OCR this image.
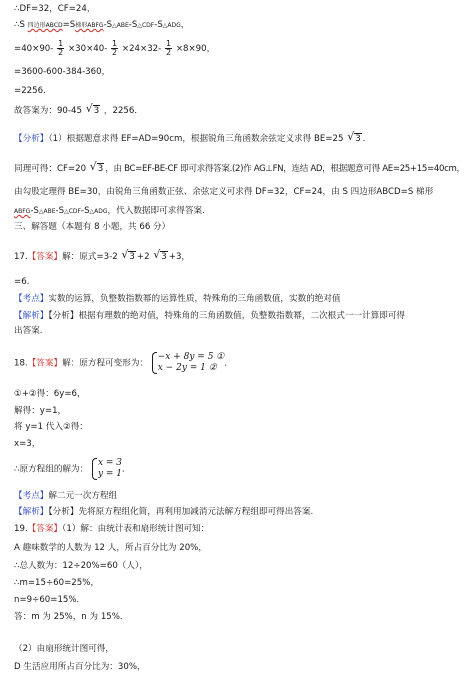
∴DF=32，CF=24，
∴S 四边形ABCD=S梯形ABFG-S△ABE-S△CDF-S△ADG，
$=40\times 90- \frac{1}{2} \times 30\times 40- \frac{1}{2} \times 24\times 32- \frac{1}{2} \times 8\times 90$，
=3600-600-384-360，
=2256．
故答案为：90-45 √ 3 ，2256．
【分析】（1）根据题意求得 EF=AD=90cm，根据锐角三角函数余弦定义求得 BE=25 √ 3 ．
同理可得：CF=20 √ 3 ，由 BC=EF-BE-CF 即可求得答案.(2)作 AG⊥FN，连结 AD，根据题意可得 AE=25+15=40cm，
由勾股定理得 BE=30，由锐角三角函数正弦、余弦定义可求得 DF=32，CF=24，由 S 四边形ABCD=S 梯形
ABFG-S△ABE-S△CDF-S△ADG，代入数据即可求得答案.
三、解答题（本题有 8 小题，共 66 分）
17.【答案】解：原式=3-2 √ 3 +2 √ 3 +3，
=6.
【考点】实数的运算，负整数指数幂的运算性质，特殊角的三角函数值，实数的绝对值
【解析】【分析】根据有理数的绝对值，特殊角的三角函数值，负整数指数幂，二次根式一一计算即可得
出答案.
18.【答案】解：原方程可变形为：
−x + 8y = 5 ①
x − 2y = 1 ② ．
①+②得：6y=6，
解得：y=1，
将 y=1 代入②得：
x=3，
∴原方程组的解为：
x = 3
y = 1 ．
【考点】解二元一次方程组
【解析】【分析】先将原方程组化简，再利用加减消元法解方程组即可得出答案.
19.【答案】（1）解：由统计表和扇形统计图可知：
A 趣味数学的人数为 12 人，所占百分比为 20%，
∴总人数为：12÷20%=60（人），
∴m=15÷60=25%，
n=9÷60=15%．
答：m 为 25%，n 为 15%．
（2）由扇形统计图可得，
D 生活应用所占百分比为：30%，
